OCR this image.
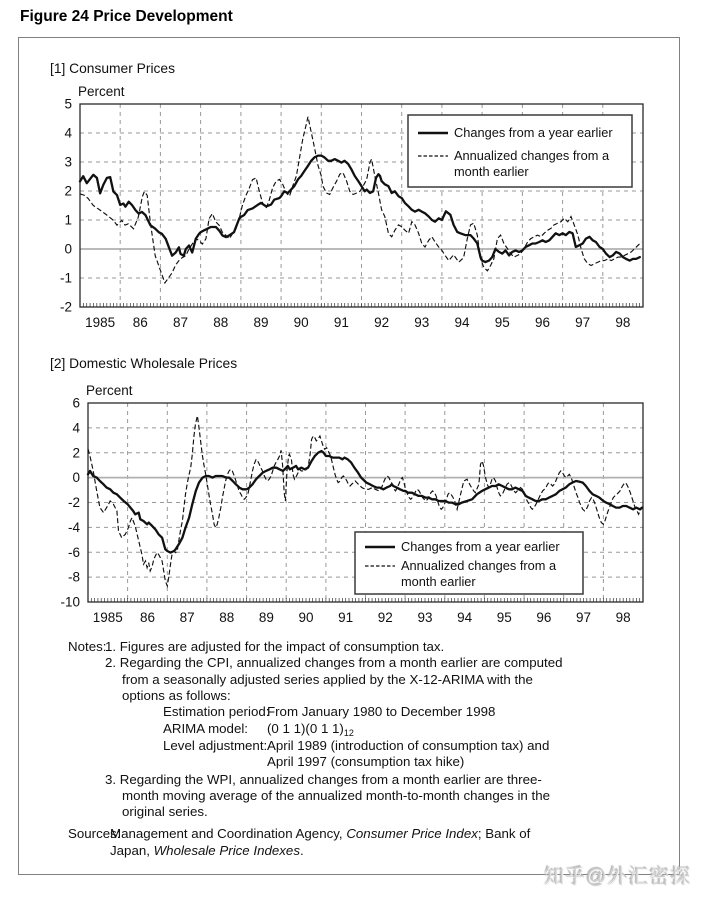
Figure 24 Price Development
5
4
3
2
1
0
-1
-2
1985 86 87 88 89 90 91 92 93 94 95 96 97 98
Percent
[1] Consumer Prices
Changes from a year earlier
Annualized changes from a
month earlier
6
4
2
0
-2
-4
-6
-8
-10
1985 86 87 88 89 90 91 92 93 94 95 96 97 98
Percent
[2] Domestic Wholesale Prices
Changes from a year earlier
Annualized changes from a
month earlier
Notes:1. Figures are adjusted for the impact of consumption tax.
2. Regarding the CPI, annualized changes from a month earlier are computed
from a seasonally adjusted series applied by the X-12-ARIMA with the
options as follows:
Estimation period:From January 1980 to December 1998
ARIMA model: (0 1 1)(0 1 $1)_{12}$
Level adjustment:April 1989 (introduction of consumption tax) and
April 1997 (consumption tax hike)
3. Regarding the WPI, annualized changes from a month earlier are three-
month moving average of the annualized month-to-month changes in the
original series.
Sources:Management and Coordination Agency, Consumer Price Index; Bank of
Japan, Wholesale Price Indexes.
知乎@外汇密探
